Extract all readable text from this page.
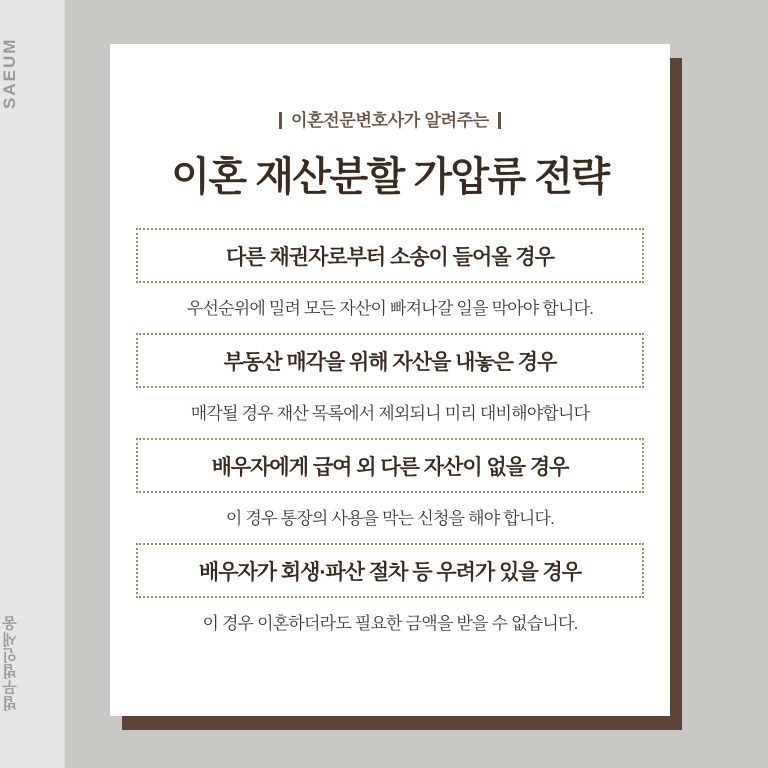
SAEUM
법무법인새움
이혼전문변호사가 알려주는
이혼 재산분할 가압류 전략
다른 채권자로부터 소송이 들어올 경우
우선순위에 밀려 모든 자산이 빠져나갈 일을 막아야 합니다.
부동산 매각을 위해 자산을 내놓은 경우
매각될 경우 재산 목록에서 제외되니 미리 대비해야합니다
배우자에게 급여 외 다른 자산이 없을 경우
이 경우 통장의 사용을 막는 신청을 해야 합니다.
배우자가 회생·파산 절차 등 우려가 있을 경우
이 경우 이혼하더라도 필요한 금액을 받을 수 없습니다.
